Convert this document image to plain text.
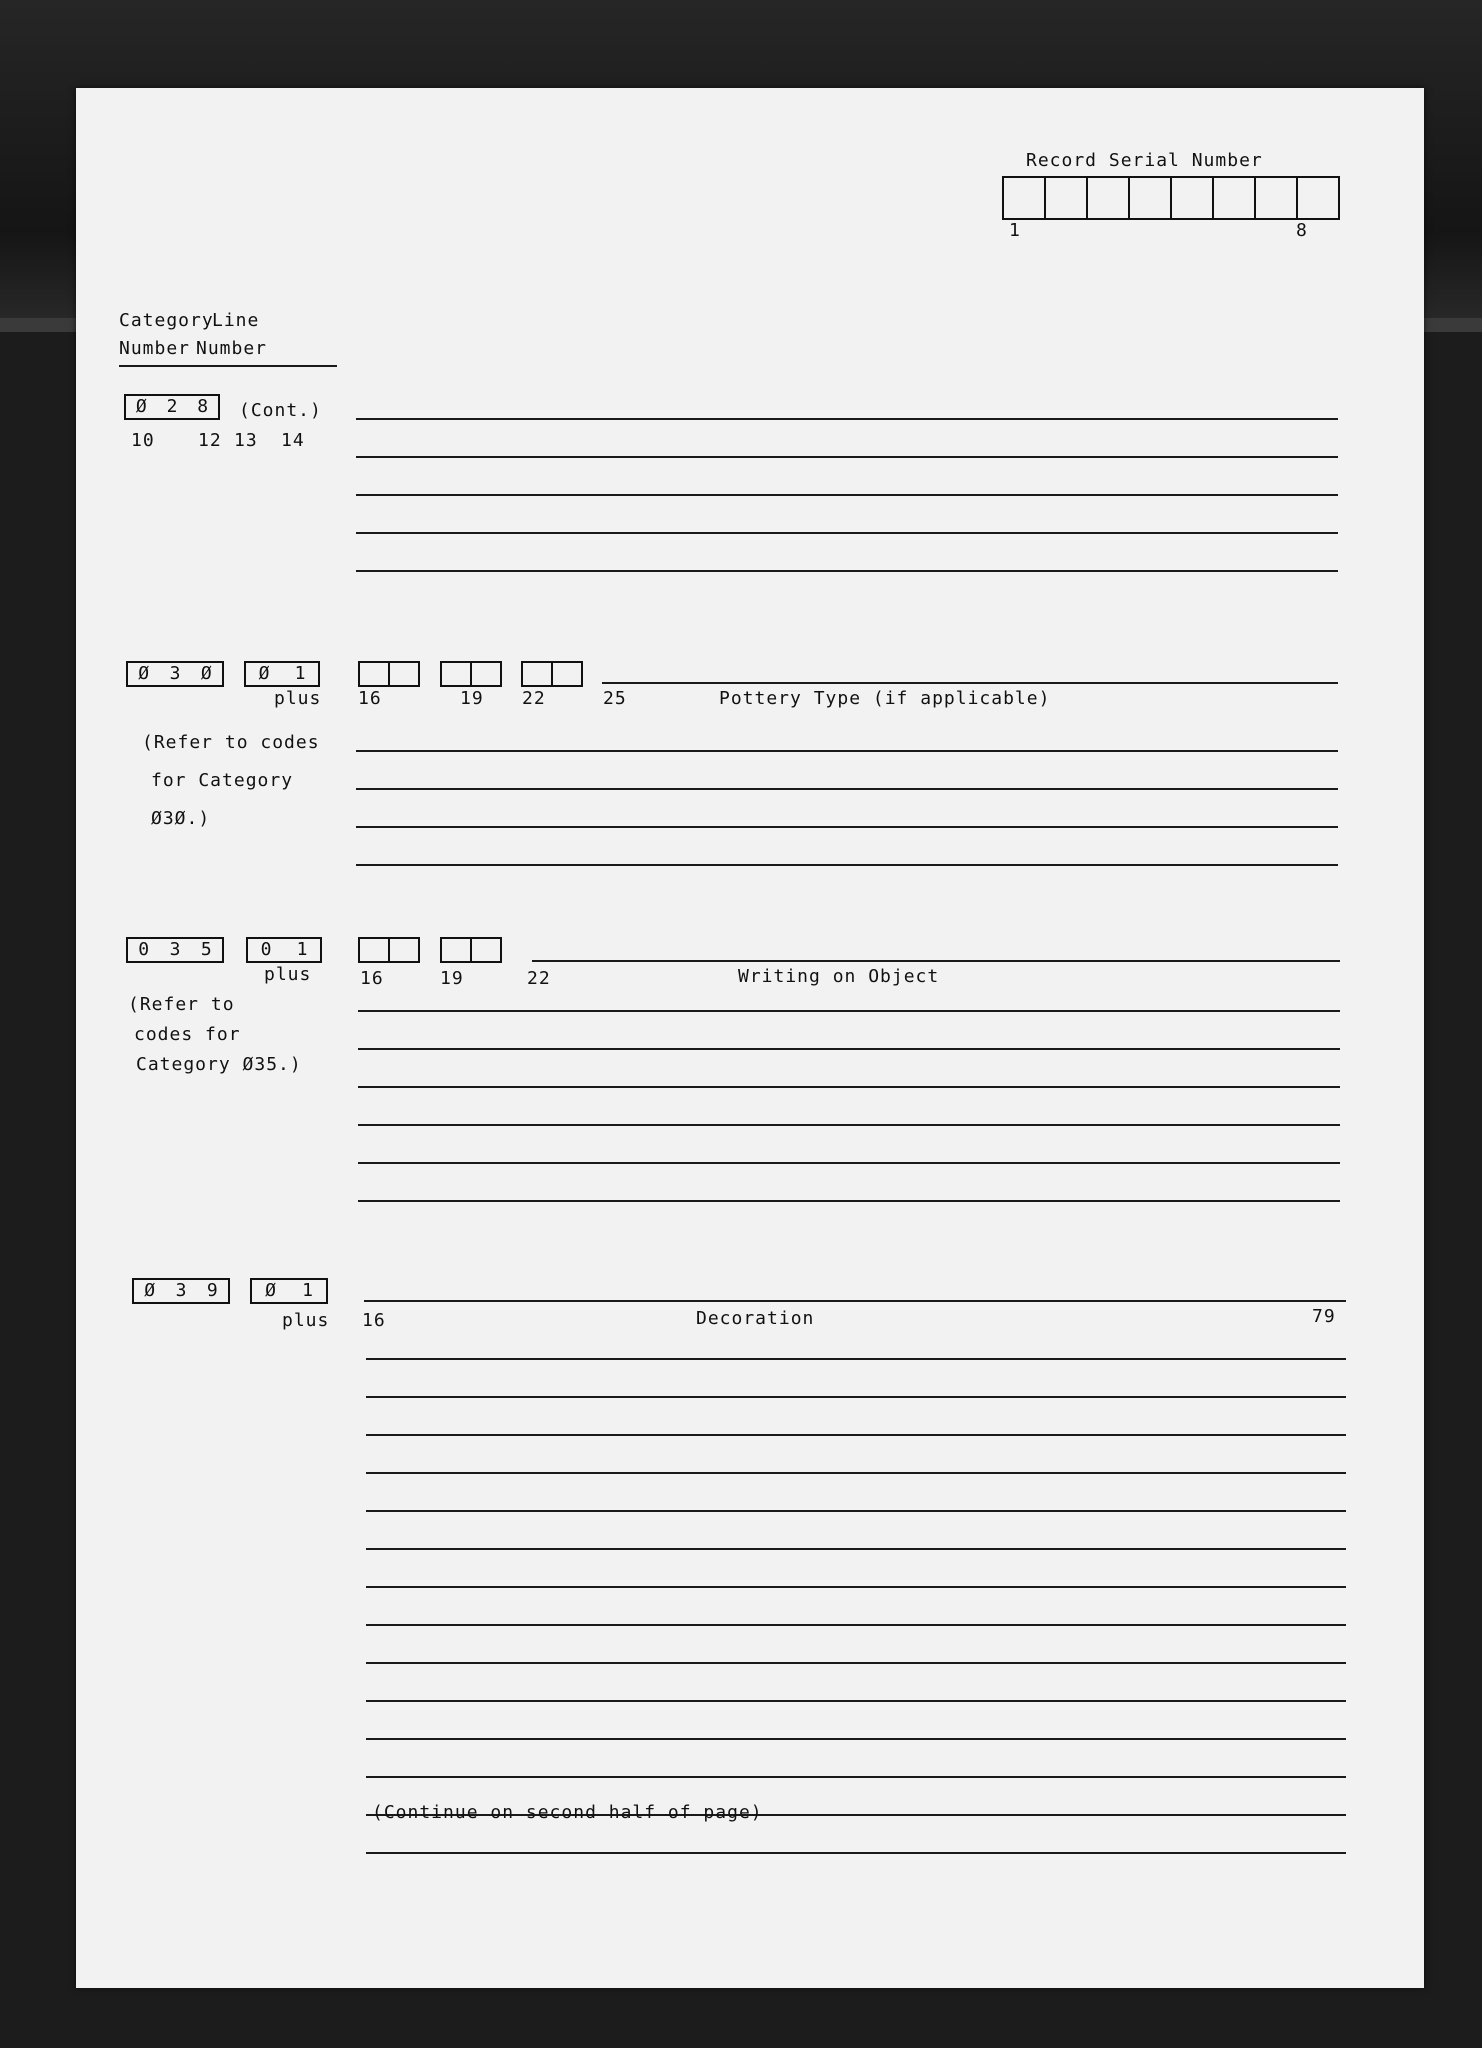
Record Serial Number
1	8
Category
Line
Number Number
Ø	2	8	(Cont.)
10 12 13 14
Ø	3	Ø	Ø	1
plus 16	19 22	25	Pottery Type (if applicable)
(Refer to codes
for Category
Ø3Ø.)
0	3	5	0	1
plus	16	19	22	Writing on Object
(Refer to
codes for
Category Ø35.)
Ø	3	9	Ø	1
plus 16	Decoration	79
(Continue on second half of page)
